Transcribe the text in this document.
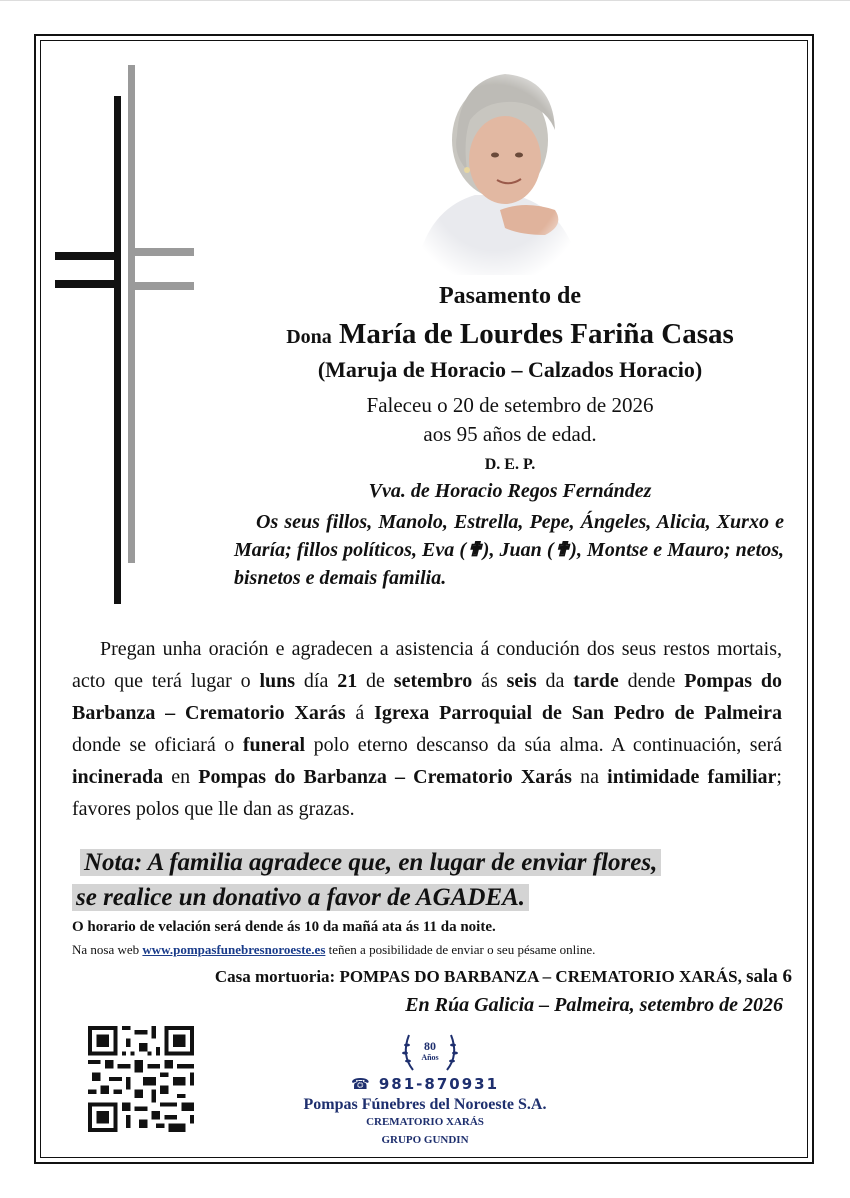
Pasamento de
Dona María de Lourdes Fariña Casas
(Maruja de Horacio – Calzados Horacio)
Faleceu o 20 de setembro de 2026
aos 95 años de edad.
D. E. P.
Vva. de Horacio Regos Fernández
Os seus fillos, Manolo, Estrella, Pepe, Ángeles, Alicia, Xurxo e María; fillos políticos, Eva (✟), Juan (✟), Montse e Mauro; netos, bisnetos e demais familia.
Pregan unha oración e agradecen a asistencia á condución dos seus restos mortais, acto que terá lugar o luns día 21 de setembro ás seis da tarde dende Pompas do Barbanza – Crematorio Xarás á Igrexa Parroquial de San Pedro de Palmeira donde se oficiará o funeral polo eterno descanso da súa alma. A continuación, será incinerada en Pompas do Barbanza – Crematorio Xarás na intimidade familiar; favores polos que lle dan as grazas.
Nota: A familia agradece que, en lugar de enviar flores,
se realice un donativo a favor de AGADEA.
O horario de velación será dende ás 10 da mañá ata ás 11 da noite.
Na nosa web www.pompasfunebresnoroeste.es teñen a posibilidade de enviar o seu pésame online.
Casa mortuoria: POMPAS DO BARBANZA – CREMATORIO XARÁS, sala 6
En Rúa Galicia – Palmeira, setembro de 2026
80
Años
☎ 981-870931
Pompas Fúnebres del Noroeste S.A.
CREMATORIO XARÁS
GRUPO GUNDIN
